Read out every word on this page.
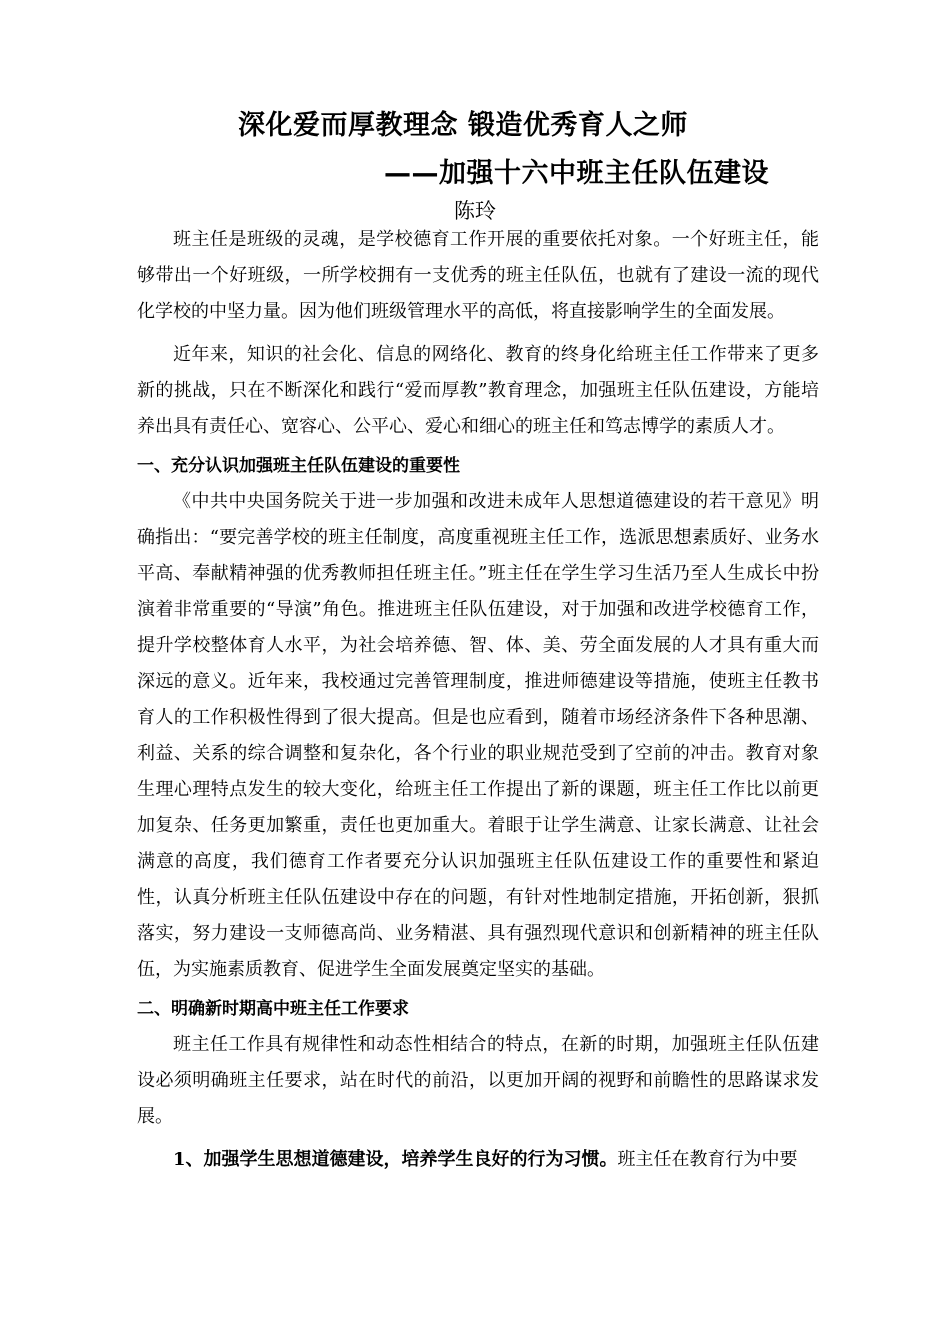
深化爱而厚教理念 锻造优秀育人之师
——加强十六中班主任队伍建设
陈玲

班主任是班级的灵魂，是学校德育工作开展的重要依托对象。一个好班主任，能够带出一个好班级，一所学校拥有一支优秀的班主任队伍，也就有了建设一流的现代化学校的中坚力量。因为他们班级管理水平的高低，将直接影响学生的全面发展。

近年来，知识的社会化、信息的网络化、教育的终身化给班主任工作带来了更多新的挑战，只在不断深化和践行“爱而厚教”教育理念，加强班主任队伍建设，方能培养出具有责任心、宽容心、公平心、爱心和细心的班主任和笃志博学的素质人才。

一、充分认识加强班主任队伍建设的重要性

《中共中央国务院关于进一步加强和改进未成年人思想道德建设的若干意见》明确指出：“要完善学校的班主任制度，高度重视班主任工作，选派思想素质好、业务水平高、奉献精神强的优秀教师担任班主任。”班主任在学生学习生活乃至人生成长中扮演着非常重要的“导演”角色。推进班主任队伍建设，对于加强和改进学校德育工作，提升学校整体育人水平，为社会培养德、智、体、美、劳全面发展的人才具有重大而深远的意义。近年来，我校通过完善管理制度，推进师德建设等措施，使班主任教书育人的工作积极性得到了很大提高。但是也应看到，随着市场经济条件下各种思潮、利益、关系的综合调整和复杂化，各个行业的职业规范受到了空前的冲击。教育对象生理心理特点发生的较大变化，给班主任工作提出了新的课题，班主任工作比以前更加复杂、任务更加繁重，责任也更加重大。着眼于让学生满意、让家长满意、让社会满意的高度，我们德育工作者要充分认识加强班主任队伍建设工作的重要性和紧迫性，认真分析班主任队伍建设中存在的问题，有针对性地制定措施，开拓创新，狠抓落实，努力建设一支师德高尚、业务精湛、具有强烈现代意识和创新精神的班主任队伍，为实施素质教育、促进学生全面发展奠定坚实的基础。

二、明确新时期高中班主任工作要求

班主任工作具有规律性和动态性相结合的特点，在新的时期，加强班主任队伍建设必须明确班主任要求，站在时代的前沿，以更加开阔的视野和前瞻性的思路谋求发展。

1、加强学生思想道德建设，培养学生良好的行为习惯。班主任在教育行为中要
